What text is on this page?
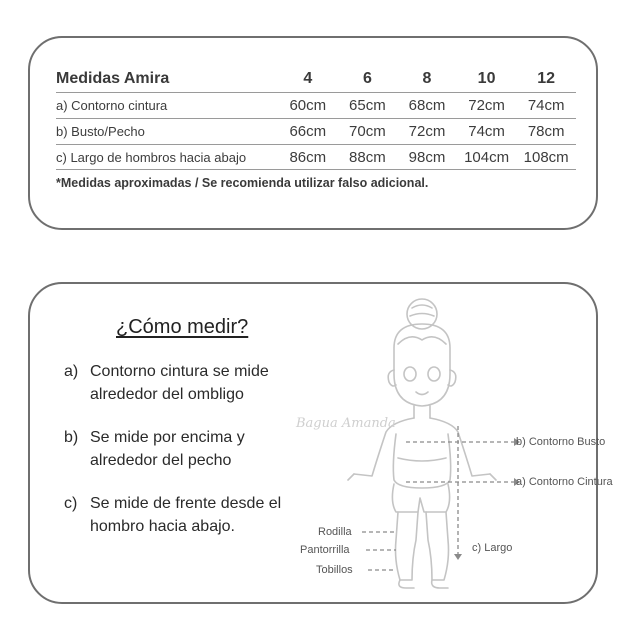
Medidas Amira	4	6	8	10	12
a) Contorno cintura	60cm	65cm	68cm	72cm	74cm
b) Busto/Pecho	66cm	70cm	72cm	74cm	78cm
c) Largo de hombros hacia abajo	86cm	88cm	98cm	104cm 108cm
*Medidas aproximadas / Se recomienda utilizar falso adicional.
¿Cómo medir?
a) Contorno cintura se mide alrededor del ombligo
b) Se mide por encima y alrededor del pecho
c) Se mide de frente desde el hombro hacia abajo.
Bagua Amanda
b) Contorno Busto
a) Contorno Cintura
c) Largo
Rodilla
Pantorrilla
Tobillos
